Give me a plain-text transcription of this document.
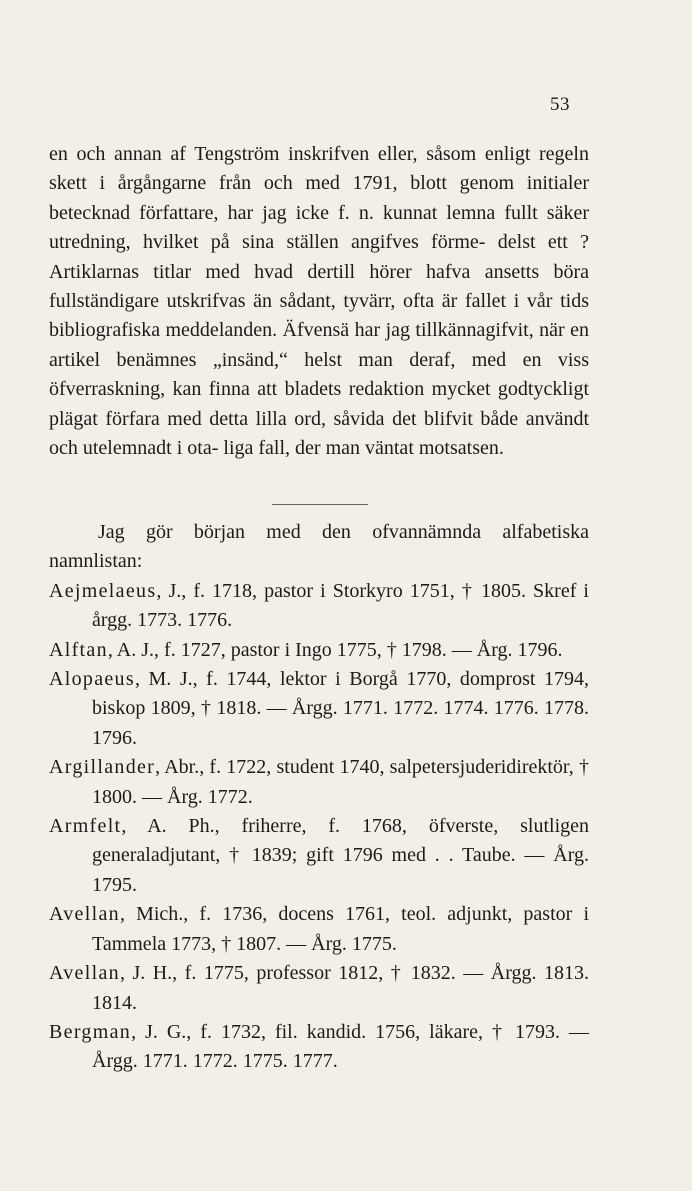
53

en och annan af Tengström inskrifven eller, såsom enligt regeln skett i årgångarne från och med 1791, blott genom initialer betecknad författare, har jag icke f. n. kunnat lemna fullt säker utredning, hvilket på sina ställen angifves förme- delst ett ? Artiklarnas titlar med hvad dertill hörer hafva ansetts böra fullständigare utskrifvas än sådant, tyvärr, ofta är fallet i vår tids bibliografiska meddelanden. Äfvensä har jag tillkännagifvit, när en artikel benämnes „insänd,“ helst man deraf, med en viss öfverraskning, kan finna att bladets redaktion mycket godtyckligt plägat förfara med detta lilla ord, såvida det blifvit både användt och utelemnadt i ota- liga fall, der man väntat motsatsen.

Jag gör början med den ofvannämnda alfabetiska namnlistan:

Aejmelaeus, J., f. 1718, pastor i Storkyro 1751, † 1805. Skref i årgg. 1773. 1776.

Alftan, A. J., f. 1727, pastor i Ingo 1775, † 1798. — Årg. 1796.

Alopaeus, M. J., f. 1744, lektor i Borgå 1770, domprost 1794, biskop 1809, † 1818. — Årgg. 1771. 1772. 1774. 1776. 1778. 1796.

Argillander, Abr., f. 1722, student 1740, salpetersjuderidirektör, † 1800. — Årg. 1772.

Armfelt, A. Ph., friherre, f. 1768, öfverste, slutligen generaladjutant, † 1839; gift 1796 med . . Taube. — Årg. 1795.

Avellan, Mich., f. 1736, docens 1761, teol. adjunkt, pastor i Tammela 1773, † 1807. — Årg. 1775.

Avellan, J. H., f. 1775, professor 1812, † 1832. — Årgg. 1813. 1814.

Bergman, J. G., f. 1732, fil. kandid. 1756, läkare, † 1793. — Årgg. 1771. 1772. 1775. 1777.
